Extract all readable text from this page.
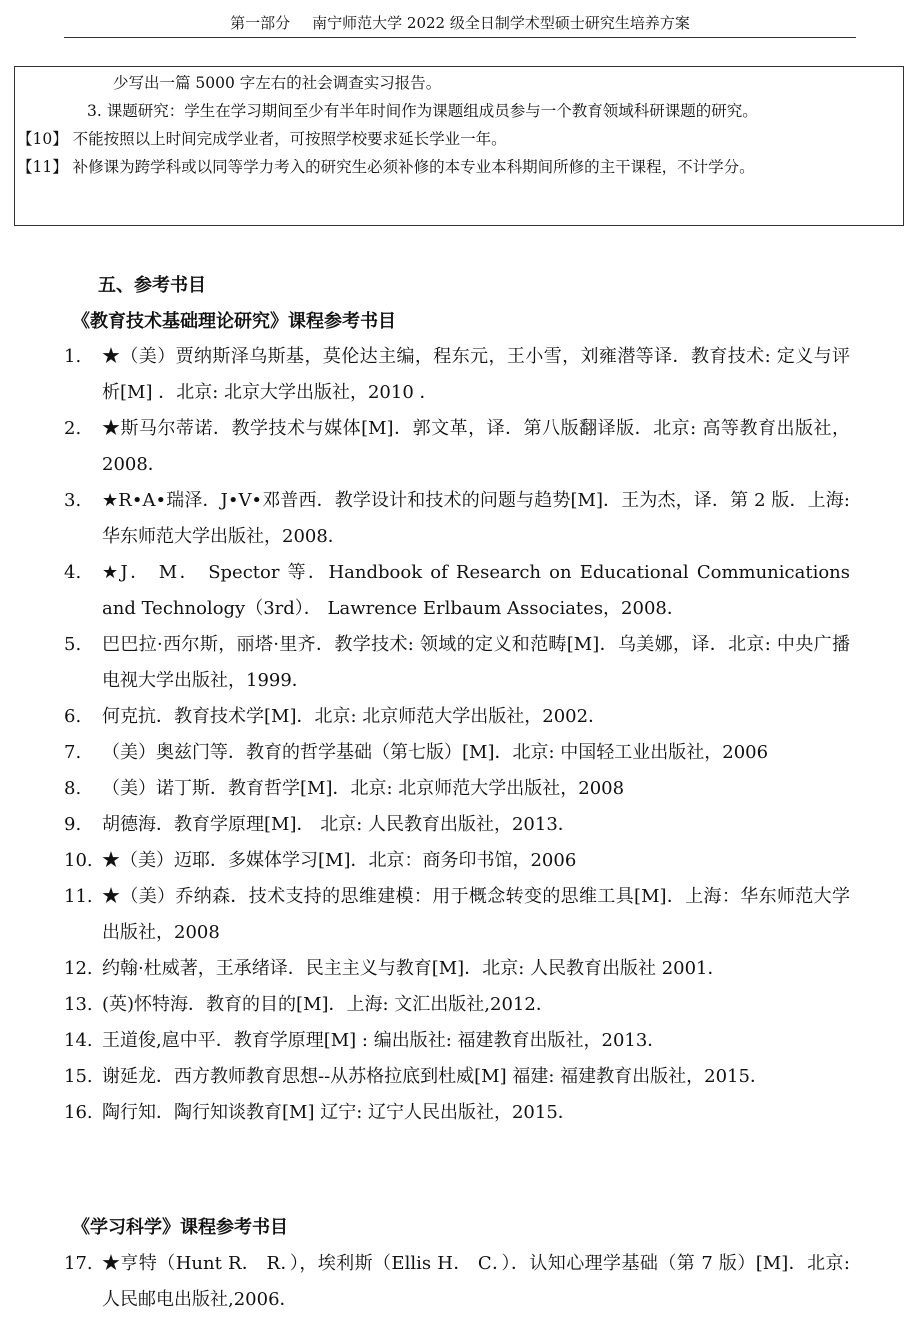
第一部分 南宁师范大学 2022 级全日制学术型硕士研究生培养方案

少写出一篇 5000 字左右的社会调查实习报告。

3. 课题研究：学生在学习期间至少有半年时间作为课题组成员参与一个教育领域科研课题的研究。

【10】 不能按照以上时间完成学业者，可按照学校要求延长学业一年。

【11】 补修课为跨学科或以同等学力考入的研究生必须补修的本专业本科期间所修的主干课程，不计学分。

五、参考书目
《教育技术基础理论研究》课程参考书目
1.	★（美）贾纳斯泽乌斯基，莫伦达主编，程东元，王小雪，刘雍潜等译．教育技术: 定义与评析[M] ．北京: 北京大学出版社，2010 ．
2.	★斯马尔蒂诺．教学技术与媒体[M]．郭文革，译．第八版翻译版．北京: 高等教育出版社，2008．
3.	★R•A•瑞泽．J•V•邓普西．教学设计和技术的问题与趋势[M]．王为杰，译．第 2 版．上海: 华东师范大学出版社，2008．
4.	★J． M． Spector 等．Handbook of Research on Educational Communications and Technology（3rd）． Lawrence Erlbaum Associates，2008．
5.	巴巴拉·西尔斯，丽塔·里齐．教学技术: 领域的定义和范畴[M]．乌美娜，译．北京: 中央广播电视大学出版社，1999．
6.	何克抗．教育技术学[M]．北京: 北京师范大学出版社，2002．
7.	（美）奥兹门等．教育的哲学基础（第七版）[M]．北京: 中国轻工业出版社，2006
8.	（美）诺丁斯．教育哲学[M]．北京: 北京师范大学出版社，2008
9.	胡德海．教育学原理[M]． 北京: 人民教育出版社，2013．
10. ★（美）迈耶．多媒体学习[M]．北京：商务印书馆，2006
11. ★（美）乔纳森．技术支持的思维建模：用于概念转变的思维工具[M]．上海：华东师范大学出版社，2008
12. 约翰·杜威著，王承绪译．民主主义与教育[M]．北京: 人民教育出版社 2001．
13. (英)怀特海．教育的目的[M]．上海: 文汇出版社,2012．
14. 王道俊,扈中平．教育学原理[M] : 编出版社: 福建教育出版社，2013．
15. 谢延龙．西方教师教育思想--从苏格拉底到杜威[M] 福建: 福建教育出版社，2015．
16. 陶行知．陶行知谈教育[M] 辽宁: 辽宁人民出版社，2015．
《学习科学》课程参考书目
17. ★亨特（Hunt R． R．），埃利斯（Ellis H． C．）．认知心理学基础（第 7 版）[M]．北京: 人民邮电出版社,2006．
